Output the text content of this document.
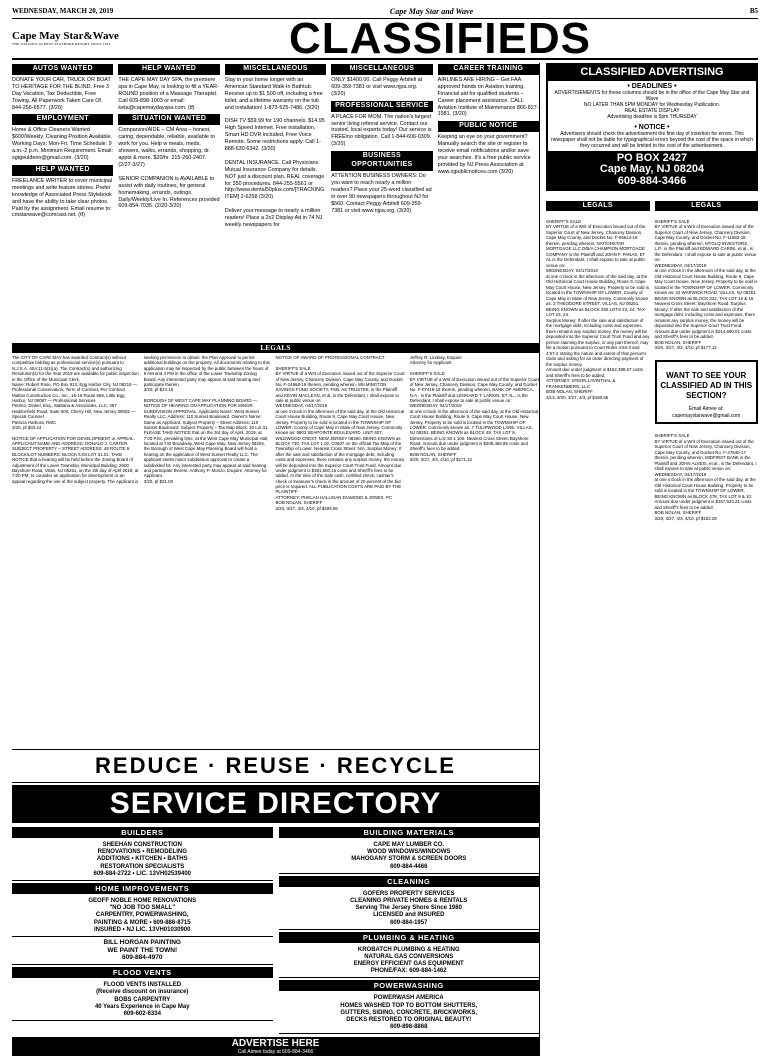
WEDNESDAY, MARCH 20, 2019	Cape May Star and Wave	B5
Cape May Star&Wave
THE NATION'S OLDEST SEASHORE RESORT SINCE 1854	CLASSIFIEDS
AUTOS WANTED
DONATE YOUR CAR, TRUCK OR BOAT TO HERITAGE FOR THE BLIND. Free 3 Day Vacation, Tax Deductible, Free Towing, All Paperwork Taken Care Of. 844-256-6577. (3/20)
EMPLOYMENT
Home & Office Cleaners Wanted $600/Weekly. Cleaning Position Available. Working Days: Mon-Fri. Time Schedule: 9 a.m.-2 p.m. Minimum Requirement. Email: sgtgeuldenn@gmail.com. (3/20)
HELP WANTED
FREELANCE WRITER to cover municipal meetings and write feature stories. Prefer knowledge of Associated Press Stylebook and have the ability to take clear photos. Paid by the assignment. Email resume to: cmstarwave@comcast.net. (tf)
HELP WANTED
THE CAPE MAY DAY SPA, the premiere spa in Cape May, is looking to fill a YEAR-ROUND position of a Massage Therapist. Call 609-898-1003 or email: keta@capemaydayspa.com. (tf)
SITUATION WANTED
Companion/AIDE – CM Area – honest, caring, dependable, reliable, available to work for you. Help w meals, meds, showers, walks, errands, shopping, dr. appts & more. $20/hr. 215-260-2407. (2/27-3/27)

SENIOR COMPANION is AVAILABLE to assist with daily routines, for general homemaking, errands, outings. Daily/Weekly/Live In. References provided 609-854-7035. (2/20-3/20)
MISCELLANEOUS
Stay in your home longer with an American Standard Walk-In Bathtub. Receive up to $1,500 off, including a free toilet, and a lifetime warranty on the tub and installation! 1-873-525-7486. (3/20)

DISH TV $59.99 for 190 channels. $14.95 High Speed Internet. Free installation, Smart HD DVR included, Free Voice Remote. Some restrictions apply. Call 1-888-630-6342. (3/20)

DENTAL INSURANCE. Call Physicians Mutual Insurance Company for details. NOT just a discount plan, REAL coverage for 350 procedures. 844-255-5561 or http://www.dental50plus.com/[TRACKING ITEM] 2-6258 (3/20)

Deliver your message to nearly a million readers! Place a 2x2 Display Ad in 74 NJ weekly newspapers for
MISCELLANEOUS
ONLY $1400.00. Call Peggy Arbitell at 609-359-7381 or visit www.njpa.org. (3/20)
PROFESSIONAL SERVICE
A PLACE FOR MOM. The nation's largest senior living referral service. Contact our trusted, local experts today! Our service is FREE/no obligation. Call 1-844-606-0309. (3/20)
BUSINESS OPPORTUNITIES
ATTENTION BUSINESS OWNERS: Do you want to reach nearly a million readers? Place your 25-word classified ad in over 90 newspapers throughout NJ for $560. Contact Peggy Arbitell 609-359-7381 or visit www.njpa.org. (3/20)
CAREER TRAINING
AIRLINES ARE HIRING – Get FAA approved hands on Aviation training. Financial aid for qualified students – Career placement assistance. CALL Aviation Institute of Maintenance 866-827-1981. (3/20)
PUBLIC NOTICE
Keeping an eye on your government? Manually search the site or register to receive email notifications and/or save your searches. It's a free public service provided by NJ Press Association at www.njpublicnotices.com (3/20)
LEGALS

The CITY OF CAPE MAY has awarded Contract(s) without competitive bidding as professional service(s) pursuant to N.J.S.A. 40A:11-5(1)(a). The Contract(s) and authorizing Resolution(s) for the Year 2019 are available for public inspection in the Office of the Municipal Clerk.
Name: Robert Rose, PO Box 913, Egg Harbor City, NJ 08215 — Professional Conservation, Term of Contract, Per Contract
Mattox Construction Co., Inc., 15-16 Route 559, Little Egg Harbor, NJ 08087 — Professional Services
Petrino, Dinkel, Esq., Mattaria & Associates, LLC, 457 Haddonfield Road, Suite 500, Cherry Hill, New Jersey 08002 — Special Counsel
Patricia Harbora, RMC
3/20, pf $33.24

NOTICE OF APPLICATION FOR DEVELOPMENT or APPEAL. APPLICANT NAME AND ADDRESS: DONALD J. CARTER. SUBJECT PROPERTY – STREET ADDRESS: 48 ROUTE 9. BLOCK/LOT NUMBERS: BLOCK 5.03 LOT 31.01. TAKE NOTICE that a hearing will be held before the Zoning Board of Adjustment of the Lower Township, Municipal Building, 2600 Bayshore Road, Villas, NJ 08251, on the 4th day of April 2019, at 7:00 PM, to consider an application for development or an appeal regarding the use of the subject property. The Applicant is seeking permission to obtain: the Plan Approval to permit additional buildings on the property. All documents relating to this application may be inspected by the public between the hours of 9 AM and 4 PM in the office of the Lower Township Zoning Board. Any interested party may appear at said hearing and participate therein.
3/20, pf $24.18

BOROUGH OF WEST CAPE MAY PLANNING BOARD — NOTICE OF HEARING ON APPLICATION FOR MINOR SUBDIVISION APPROVAL. Applicants Name: West Sunset Realty LLC. Address: 110 Sunset Boulevard. Owner's Name: Same as Applicant. Subject Property – Street Address: 110 Sunset Boulevard. Subject Property – Tax Map Block: 33 Lot 31. PLEASE TAKE NOTICE that on the 3rd day of April, 2019, at 7:00 P.M., prevailing time, at the West Cape May Municipal Hall, located at 732 Broadway, West Cape May, New Jersey 08204, the Borough of West Cape May Planning Board will hold a hearing on the application of West Sunset Realty LLC. The applicant seeks minor subdivision approval to create a subdivided lot. Any interested party may appear at said hearing and participate therein. Anthony P. Monzo, Esquire, Attorney for Applicant.
3/20, pf $31.00

NOTICE OF AWARD OF PROFESSIONAL CONTRACT

SHERIFF'S SALE
BY VIRTUE of a Writ of Execution issued out of the Superior Court of New Jersey, Chancery Division, Cape May County, and Docket No. F-14668-18 therein, pending wherein, WILMINGTON SAVINGS FUND SOCIETY, FSB, AS TRUSTEE, is the Plaintiff and KEVIN MACLEAN, et al, is the Defendant, I shall expose to sale at public venue on:
WEDNESDAY, 04/17/2019
at one o'clock in the afternoon of the said day, at the Old Historical Court House Building, Route 9, Cape May Court House, New Jersey. Property to be sold is located in the TOWNSHIP OF LOWER, County of Cape May in State of New Jersey. Commonly known as: 9903 SEAPOINTE BOULEVARD, UNIT 607, WILDWOOD CREST, NEW JERSEY 08260. BEING KNOWN as BLOCK 730, TAX LOT 1.02, C0607 on the official Tax Map of the Township of Lower. Nearest Cross Street: N/A. Surplus Money: If after the sale and satisfaction of the mortgage debt, including costs and expenses, there remains any surplus money, the money will be deposited into the Superior Court Trust Fund. Amount due under judgment is $391,500.16 costs and Sheriff's fees to be added. At the time of the Sale cash, certified check, cashier's check or treasurer's check in the amount of 20 percent of the bid price is required. ALL PUBLICATION COSTS ARE PAID BY THE PLAINTIFF.
ATTORNEY: PHELAN HALLINAN DIAMOND & JONES, PC
BOB NOLAN, SHERIFF
3/20, 3/27, 4/3, 4/10, pf $209.56

Jeffrey R. Lindsay, Esquire
Attorney for Applicant

SHERIFF'S SALE
BY VIRTUE of a Writ of Execution issued out of the Superior Court of New Jersey, Chancery Division, Cape May County, and Docket No. F-07419-18 therein, pending wherein, BANK OF AMERICA, N.A., is the Plaintiff and LEONARD T. LARKIN, ET AL., is the Defendant, I shall expose to sale at public venue on:
WEDNESDAY, 04/17/2019
at one o'clock in the afternoon of the said day, at the Old Historical Court House Building, Route 9, Cape May Court House, New Jersey. Property to be sold is located in the TOWNSHIP OF LOWER. Commonly known as: 7 TULIPWOOD LANE, VILLAS, NJ 08251. BEING KNOWN as BLOCK 49, TAX LOT 8. Dimensions of Lot: 50 x 100. Nearest Cross Street: Bayshore Road. Amount due under judgment is $208,466.89 costs and Sheriff's fees to be added.
BOB NOLAN, SHERIFF
3/20, 3/27, 4/3, 4/10, pf $171.12

REDUCE · REUSE · RECYCLE
SERVICE DIRECTORY
BUILDERS
SHEEHAN CONSTRUCTION
RENOVATIONS • REMODELING
ADDITIONS • KITCHEN • BATHS
RESTORATION SPECIALISTS
609-884-2722 • LIC. 13VH02539400
HOME IMPROVEMENTS
GEOFF NOBLE HOME RENOVATIONS
"NO JOB TOO SMALL"
CARPENTRY, POWERWASHING,
PAINTING & MORE • 609-886-8715
INSURED • NJ LIC. 13VH01030900
BILL HORGAN PAINTING
WE PAINT THE TOWN!
609-884-4970
FLOOD VENTS
FLOOD VENTS INSTALLED
(Receive discount on insurance)
BOBS CARPENTRY
40 Years Experience in Cape May
609-602-6334
BUILDING MATERIALS
CAPE MAY LUMBER CO.
WOOD WINDOWS/WINDOWS
MAHOGANY STORM & SCREEN DOORS
609-884-4466
CLEANING
GOFERS PROPERTY SERVICES
CLEANING PRIVATE HOMES & RENTALS
Serving The Jersey Shore Since 1980
LICENSED and INSURED
609-884-1957
PLUMBING & HEATING
KROBATCH PLUMBING & HEATING
NATURAL GAS CONVERSIONS
ENERGY EFFICIENT GAS EQUIPMENT
PHONE/FAX: 609-884-1462
POWERWASHING
POWERWASH AMERICA
HOMES WASHED TOP TO BOTTOM SHUTTERS,
GUTTERS, SIDING, CONCRETE, BRICKWORKS,
DECKS RESTORED TO ORIGINAL BEAUTY!
609-898-8868
ADVERTISE HERE
Call Aimee today at 609-884-3466
CLASSIFIED ADVERTISING
• DEADLINES •
ADVERTISEMENTS for these columns should be in the office of the Cape May Star and Wave
NO LATER THAN 5PM MONDAY for Wednesday Publication.
REAL ESTATE DISPLAY
Advertising deadline is 5pm THURSDAY
• NOTICE •
Advertisers should check the advertisement the first day of insertion for errors. This newspaper shall not be liable for typographical errors beyond the cost of the space in which they occurred and will be limited to the cost of the advertisement.
PO BOX 2427
Cape May, NJ 08204
609-884-3466

LEGALS

SHERIFF'S SALE
BY VIRTUE of a Writ of Execution issued out of the Superior Court of New Jersey, Chancery Division, Cape May County, and Docket No. F-06614-18 therein, pending wherein, NATIONSTAR MORTGAGE LLC D/B/A CHAMPION MORTGAGE COMPANY is the Plaintiff and JOHN F. PANAS, ET AL is the Defendant, I shall expose to sale at public venue on:
WEDNESDAY, 04/17/2019
at one o'clock in the afternoon of the said day, at the Old Historical Court House Building, Route 9, Cape May Court House, New Jersey. Property to be sold is located in the TOWNSHIP OF LOWER, County of Cape May in State of New Jersey. Commonly known as: 2 THEODORE STREET, VILLAS, NJ 08251. BEING KNOWN as BLOCK 290 LOTS 23, 24, TAX LOT 23, 24.
Surplus Money: If after the sale and satisfaction of the mortgage debt, including costs and expenses, there remains any surplus money, the money will be deposited into the Superior Court Trust Fund and any person claiming the surplus, or any part thereof, may file a motion pursuant to Court Rules 4:64-3 and 4:57-2 stating the nature and extent of that person's claim and asking for an order directing payment of the surplus money.
Amount due under judgment is $162,388.67 costs and Sheriff's fees to be added.
ATTORNEY: STERN LAVINTHAL & FRANKENBERG, LLC
BOB NOLAN, SHERIFF
3/13, 3/20, 3/27, 4/3, pf $180.66

LEGALS

SHERIFF'S SALE
BY VIRTUE of a Writ of Execution issued out of the Superior Court of New Jersey, Chancery Division, Cape May County, and Docket No. F-11582-18 therein, pending wherein, MTGLQ INVESTORS, L.P., is the Plaintiff and EDWARD CARINI, et al., is the Defendant, I shall expose to sale at public venue on:
WEDNESDAY, 04/17/2019
at one o'clock in the afternoon of the said day, at the Old Historical Court House Building, Route 9, Cape May Court House, New Jersey. Property to be sold is located in the TOWNSHIP OF LOWER. Commonly known as: 22 WARWICK ROAD, VILLAS, NJ 08251. BEING KNOWN as BLOCK 322, TAX LOT 16 & 19. Nearest Cross Street: Bayshore Road. Surplus Money: If after the sale and satisfaction of the mortgage debt, including costs and expenses, there remains any surplus money, the money will be deposited into the Superior Court Trust Fund. Amount due under judgment is $214,690.01 costs and Sheriff's fees to be added.
BOB NOLAN, SHERIFF
3/20, 3/27, 4/3, 4/10, pf $177.12

WANT TO SEE YOUR CLASSIFIED AD IN THIS SECTION?

Email Aimee at: capemaystarwave@gmail.com

SHERIFF'S SALE
BY VIRTUE of a Writ of Execution issued out of the Superior Court of New Jersey, Chancery Division, Cape May County, and Docket No. F-27640-17 therein, pending wherein, MIDFIRST BANK is the Plaintiff and JOHN ALVESI, et al., is the Defendant, I shall expose to sale at public venue on:
WEDNESDAY, 04/17/2019
at one o'clock in the afternoon of the said day, at the Old Historical Court House Building. Property to be sold is located in the TOWNSHIP OF LOWER. BEING KNOWN as BLOCK 478, TAX LOT 9 & 10. Amount due under judgment is $167,624.21 costs and Sheriff's fees to be added.
BOB NOLAN, SHERIFF
3/20, 3/27, 4/3, 4/10, pf $182.28
